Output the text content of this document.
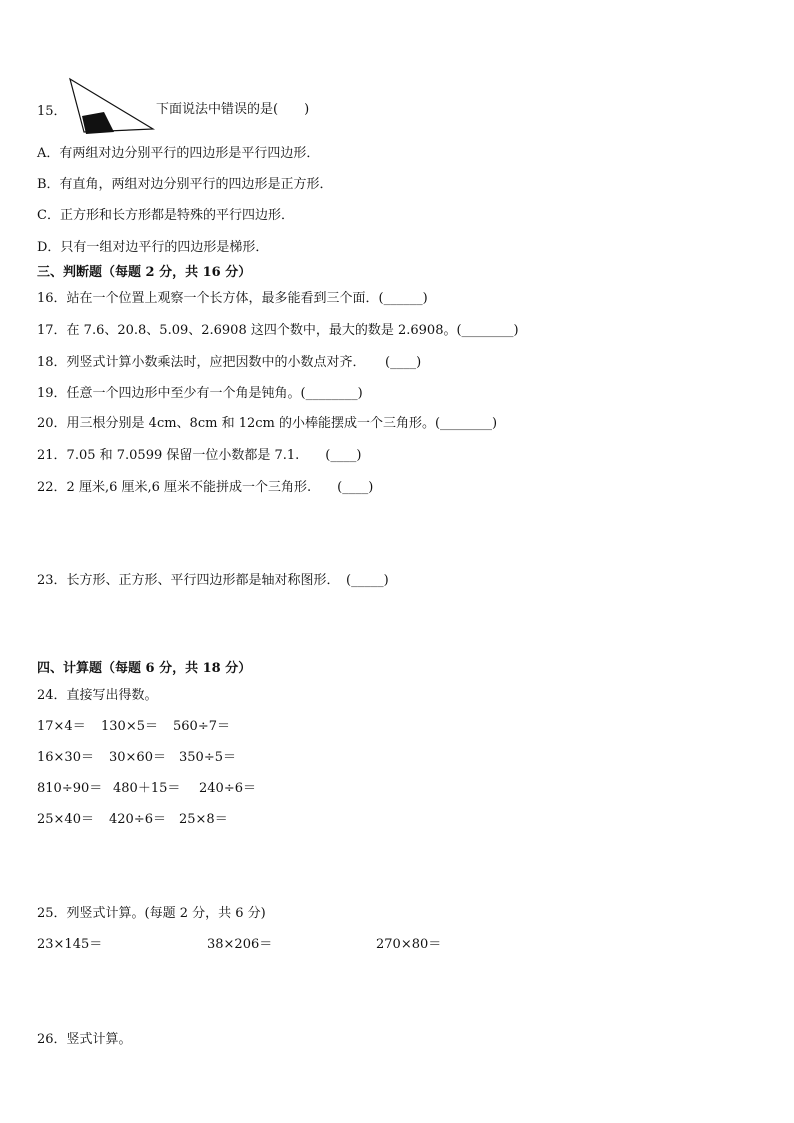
15．	下面说法中错误的是(　　)
A．有两组对边分别平行的四边形是平行四边形．
B．有直角，两组对边分别平行的四边形是正方形．
C．正方形和长方形都是特殊的平行四边形．
D．只有一组对边平行的四边形是梯形．
三、判断题（每题 2 分，共 16 分）
16．站在一个位置上观察一个长方体，最多能看到三个面．(______)
17．在 7.6、20.8、5.09、2.6908 这四个数中，最大的数是 2.6908。(________)
18．列竖式计算小数乘法时，应把因数中的小数点对齐．　　(____)
19．任意一个四边形中至少有一个角是钝角。(________)
20．用三根分别是 4cm、8cm 和 12cm 的小棒能摆成一个三角形。(________)
21．7.05 和 7.0599 保留一位小数都是 7.1.　　(____)
22．2 厘米,6 厘米,6 厘米不能拼成一个三角形.　　(____)
23．长方形、正方形、平行四边形都是轴对称图形．　(_____)
四、计算题（每题 6 分，共 18 分）
24．直接写出得数。
17×4＝ 130×5＝ 560÷7＝
16×30＝ 30×60＝ 350÷5＝
810÷90＝ 480＋15＝ 240÷6＝
25×40＝ 420÷6＝ 25×8＝
25．列竖式计算。(每题 2 分，共 6 分)
23×145＝	38×206＝	270×80＝
26．竖式计算。
